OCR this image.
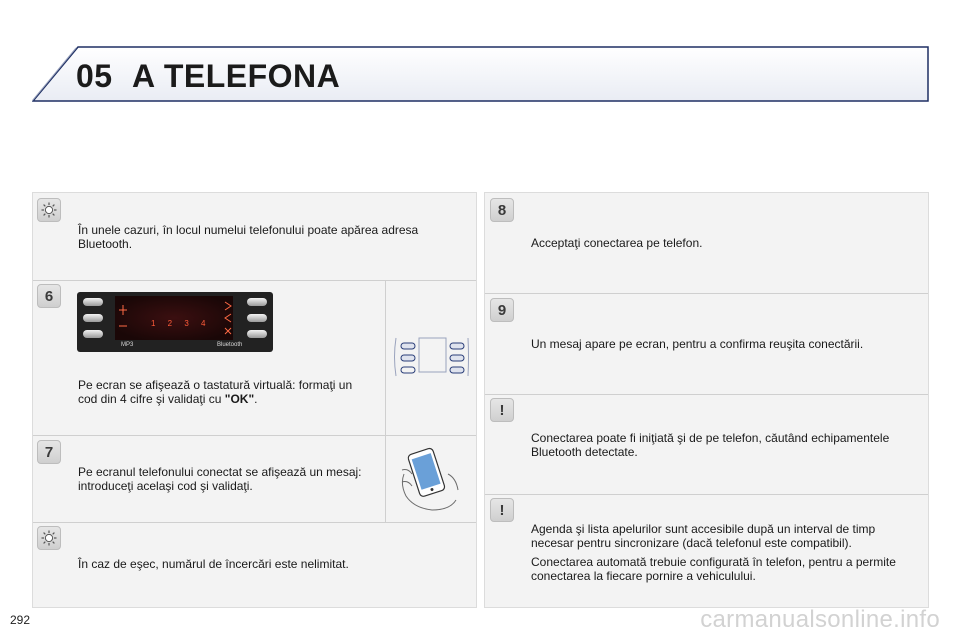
05 A TELEFONA
6
7
În unele cazuri, în locul numelui telefonului poate apărea adresa Bluetooth.
1 2 3 4
MP3	Bluetooth
Pe ecran se afişează o tastatură virtuală: formaţi un cod din 4 cifre şi validaţi cu "OK".
Pe ecranul telefonului conectat se afişează un mesaj: introduceţi acelaşi cod şi validaţi.
În caz de eşec, numărul de încercări este nelimitat.
8
9
!
!
Acceptaţi conectarea pe telefon.
Un mesaj apare pe ecran, pentru a confirma reuşita conectării.
Conectarea poate fi iniţiată şi de pe telefon, căutând echipamentele Bluetooth detectate.

Agenda şi lista apelurilor sunt accesibile după un interval de timp necesar pentru sincronizare (dacă telefonul este compatibil).

Conectarea automată trebuie configurată în telefon, pentru a permite conectarea la fiecare pornire a vehiculului.

292	carmanualsonline.info
